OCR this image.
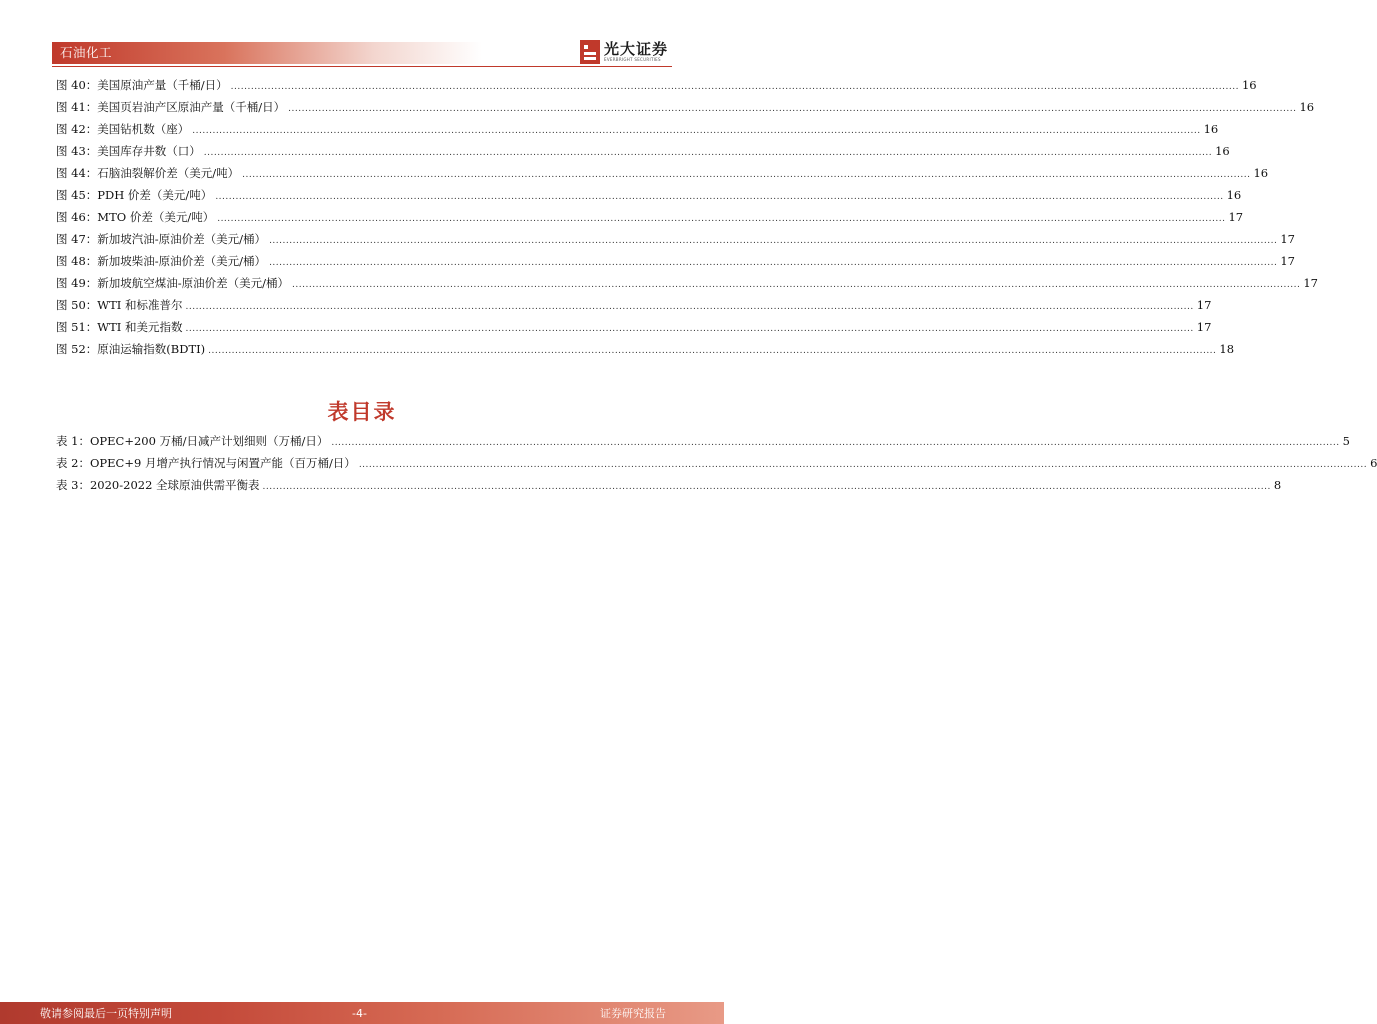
石油化工	光大证券
EVERBRIGHT SECURITIES
图 40：美国原油产量（千桶/日） ............................................................................................................................................................................................................................................................................................................ 16
图 41：美国页岩油产区原油产量（千桶/日） ............................................................................................................................................................................................................................................................................................................ 16
图 42：美国钻机数（座） ............................................................................................................................................................................................................................................................................................................ 16
图 43：美国库存井数（口） ............................................................................................................................................................................................................................................................................................................ 16
图 44：石脑油裂解价差（美元/吨） ............................................................................................................................................................................................................................................................................................................ 16
图 45：PDH 价差（美元/吨） ............................................................................................................................................................................................................................................................................................................ 16
图 46：MTO 价差（美元/吨） ............................................................................................................................................................................................................................................................................................................ 17
图 47：新加坡汽油-原油价差（美元/桶） ............................................................................................................................................................................................................................................................................................................ 17
图 48：新加坡柴油-原油价差（美元/桶） ............................................................................................................................................................................................................................................................................................................ 17
图 49：新加坡航空煤油-原油价差（美元/桶） ............................................................................................................................................................................................................................................................................................................ 17
图 50：WTI 和标准普尔 ............................................................................................................................................................................................................................................................................................................ 17
图 51：WTI 和美元指数 ............................................................................................................................................................................................................................................................................................................ 17
图 52：原油运输指数(BDTI) ............................................................................................................................................................................................................................................................................................................ 18
表目录
表 1：OPEC+200 万桶/日减产计划细则（万桶/日） ............................................................................................................................................................................................................................................................................................................ 5
表 2：OPEC+9 月增产执行情况与闲置产能（百万桶/日） ............................................................................................................................................................................................................................................................................................................ 6
表 3：2020-2022 全球原油供需平衡表 ............................................................................................................................................................................................................................................................................................................ 8
敬请参阅最后一页特别声明	-4-	证券研究报告
